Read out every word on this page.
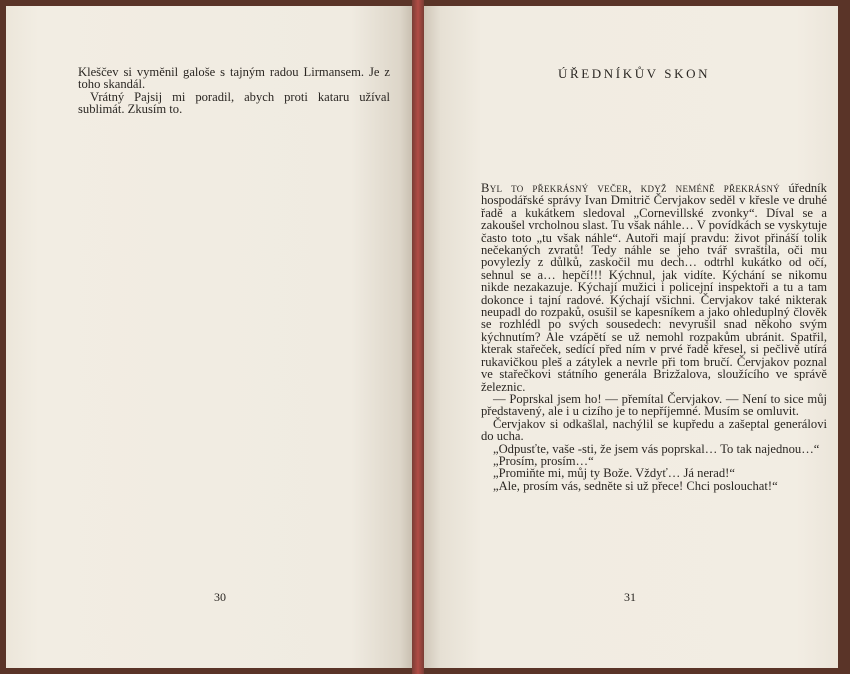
Kleščev si vyměnil galoše s tajným radou Lirmansem. Je z toho skandál.

Vrátný Pajsij mi poradil, abych proti kataru užíval sublimát. Zkusím to.

30
ÚŘEDNÍKŮV SKON

Byl to překrásný večer, když neméně překrásný úředník hospodářské správy Ivan Dmitrič Červjakov seděl v křesle ve druhé řadě a kukátkem sledoval „Cornevillské zvonky“. Díval se a zakoušel vrcholnou slast. Tu však náhle… V povídkách se vyskytuje často toto „tu však náhle“. Autoři mají pravdu: život přináší tolik nečekaných zvratů! Tedy náhle se jeho tvář svraštila, oči mu povylezly z důlků, zaskočil mu dech… odtrhl kukátko od očí, sehnul se a… hepčí!!! Kýchnul, jak vidíte. Kýchání se nikomu nikde nezakazuje. Kýchají mužici i policejní inspektoři a tu a tam dokonce i tajní radové. Kýchají všichni. Červjakov také nikterak neupadl do rozpaků, osušil se kapesníkem a jako ohleduplný člověk se rozhlédl po svých sousedech: nevyrušil snad někoho svým kýchnutím? Ale vzápětí se už nemohl rozpakům ubránit. Spatřil, kterak stařeček, sedící před ním v prvé řadě křesel, si pečlivě utírá rukavičkou pleš a zátylek a nevrle při tom bručí. Červjakov poznal ve stařečkovi státního generála Brizžalova, sloužícího ve správě železnic.

— Poprskal jsem ho! — přemítal Červjakov. — Není to sice můj představený, ale i u cizího je to nepříjemné. Musím se omluvit.

Červjakov si odkašlal, nachýlil se kupředu a zašeptal generálovi do ucha.

„Odpusťte, vaše -sti, že jsem vás poprskal… To tak najednou…“

„Prosím, prosím…“

„Promiňte mi, můj ty Bože. Vždyť… Já nerad!“

„Ale, prosím vás, sedněte si už přece! Chci poslouchat!“

31
